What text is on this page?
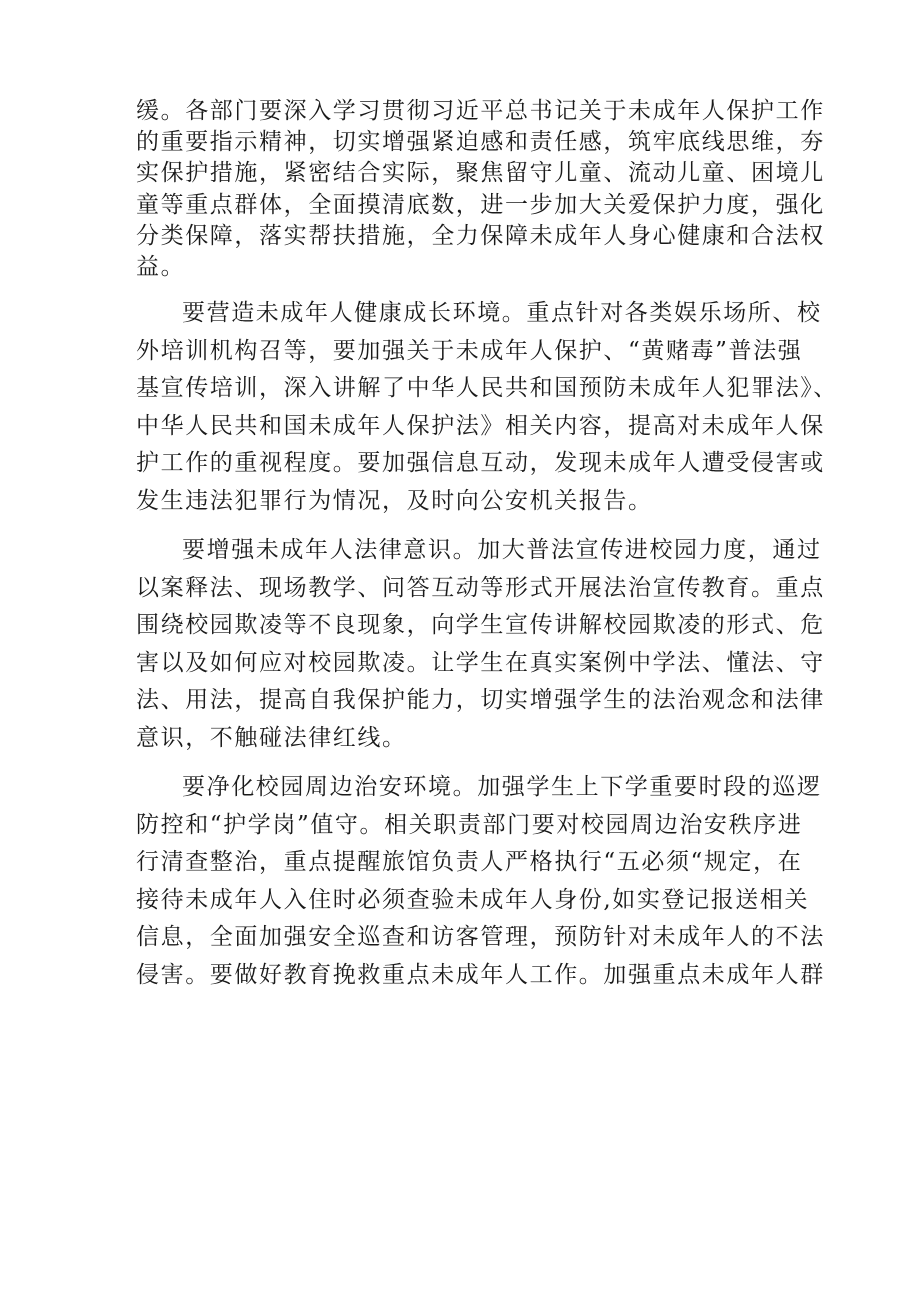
缓。各部门要深入学习贯彻习近平总书记关于未成年人保护工作
的重要指示精神，切实增强紧迫感和责任感，筑牢底线思维，夯
实保护措施，紧密结合实际，聚焦留守儿童、流动儿童、困境儿
童等重点群体，全面摸清底数，进一步加大关爱保护力度，强化
分类保障，落实帮扶措施，全力保障未成年人身心健康和合法权
益。
要营造未成年人健康成长环境。重点针对各类娱乐场所、校
外培训机构召等，要加强关于未成年人保护、“黄赌毒”普法强
基宣传培训，深入讲解了中华人民共和国预防未成年人犯罪法》、
中华人民共和国未成年人保护法》相关内容，提高对未成年人保
护工作的重视程度。要加强信息互动，发现未成年人遭受侵害或
发生违法犯罪行为情况，及时向公安机关报告。
要增强未成年人法律意识。加大普法宣传进校园力度，通过
以案释法、现场教学、问答互动等形式开展法治宣传教育。重点
围绕校园欺凌等不良现象，向学生宣传讲解校园欺凌的形式、危
害以及如何应对校园欺凌。让学生在真实案例中学法、懂法、守
法、用法，提高自我保护能力，切实增强学生的法治观念和法律
意识，不触碰法律红线。
要净化校园周边治安环境。加强学生上下学重要时段的巡逻
防控和“护学岗”值守。相关职责部门要对校园周边治安秩序进
行清查整治，重点提醒旅馆负责人严格执行“五必须“规定，在
接待未成年人入住时必须查验未成年人身份,如实登记报送相关
信息，全面加强安全巡查和访客管理，预防针对未成年人的不法
侵害。要做好教育挽救重点未成年人工作。加强重点未成年人群
